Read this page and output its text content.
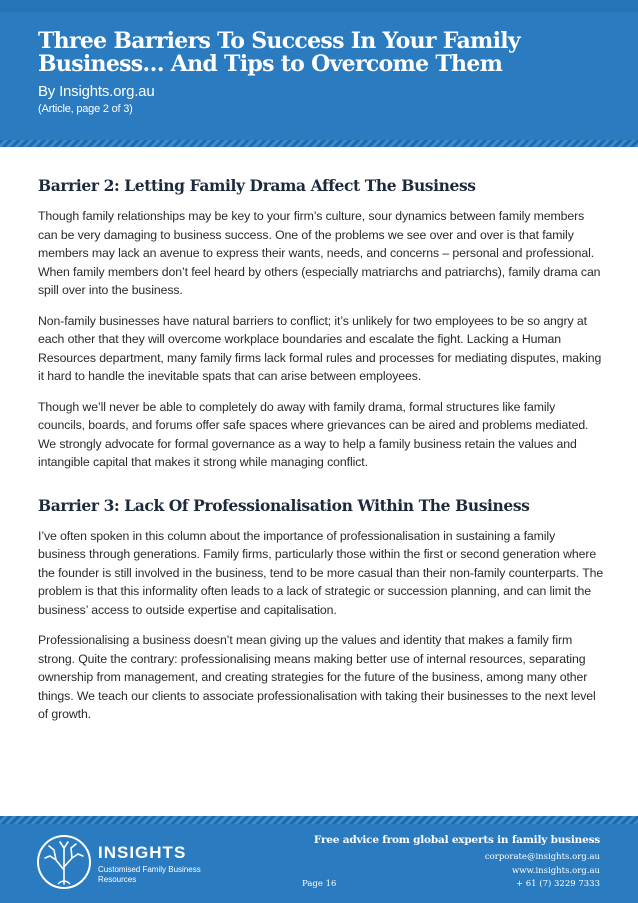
Three Barriers To Success In Your Family Business… And Tips to Overcome Them
By Insights.org.au
(Article, page 2 of 3)
Barrier 2: Letting Family Drama Affect The Business

Though family relationships may be key to your firm’s culture, sour dynamics between family members can be very damaging to business success. One of the problems we see over and over is that family members may lack an avenue to express their wants, needs, and concerns – personal and professional. When family members don’t feel heard by others (especially matriarchs and patriarchs), family drama can spill over into the business.

Non-family businesses have natural barriers to conflict; it’s unlikely for two employees to be so angry at each other that they will overcome workplace boundaries and escalate the fight. Lacking a Human Resources department, many family firms lack formal rules and processes for mediating disputes, making it hard to handle the inevitable spats that can arise between employees.

Though we’ll never be able to completely do away with family drama, formal structures like family councils, boards, and forums offer safe spaces where grievances can be aired and problems mediated. We strongly advocate for formal governance as a way to help a family business retain the values and intangible capital that makes it strong while managing conflict.

Barrier 3: Lack Of Professionalisation Within The Business

I’ve often spoken in this column about the importance of professionalisation in sustaining a family business through generations. Family firms, particularly those within the first or second generation where the founder is still involved in the business, tend to be more casual than their non-family counterparts. The problem is that this informality often leads to a lack of strategic or succession planning, and can limit the business’ access to outside expertise and capitalisation.

Professionalising a business doesn’t mean giving up the values and identity that makes a family firm strong. Quite the contrary: professionalising means making better use of internal resources, separating ownership from management, and creating strategies for the future of the business, among many other things. We teach our clients to associate professionalisation with taking their businesses to the next level of growth.

INSIGHTS
Customised Family Business Resources
Free advice from global experts in family business
corporate@insights.org.au
www.insights.org.au
+ 61 (7) 3229 7333
Page 16
